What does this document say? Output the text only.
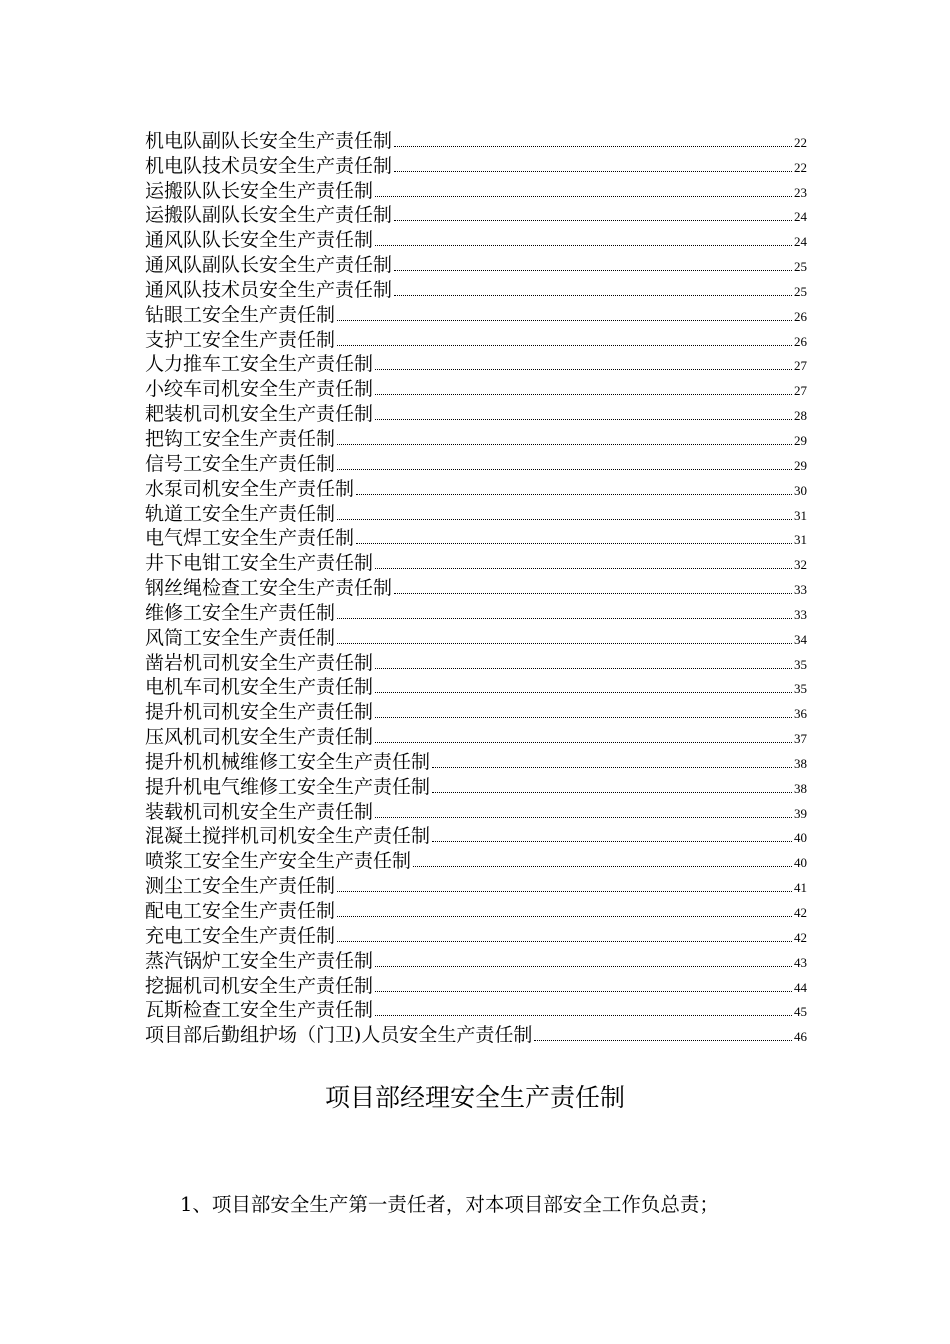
机电队副队长安全生产责任制	22
机电队技术员安全生产责任制	22
运搬队队长安全生产责任制	23
运搬队副队长安全生产责任制	24
通风队队长安全生产责任制	24
通风队副队长安全生产责任制	25
通风队技术员安全生产责任制	25
钻眼工安全生产责任制	26
支护工安全生产责任制	26
人力推车工安全生产责任制	27
小绞车司机安全生产责任制	27
耙装机司机安全生产责任制	28
把钩工安全生产责任制	29
信号工安全生产责任制	29
水泵司机安全生产责任制	30
轨道工安全生产责任制	31
电气焊工安全生产责任制	31
井下电钳工安全生产责任制	32
钢丝绳检查工安全生产责任制	33
维修工安全生产责任制	33
风筒工安全生产责任制	34
凿岩机司机安全生产责任制	35
电机车司机安全生产责任制	35
提升机司机安全生产责任制	36
压风机司机安全生产责任制	37
提升机机械维修工安全生产责任制	38
提升机电气维修工安全生产责任制	38
装载机司机安全生产责任制	39
混凝土搅拌机司机安全生产责任制	40
喷浆工安全生产安全生产责任制	40
测尘工安全生产责任制	41
配电工安全生产责任制	42
充电工安全生产责任制	42
蒸汽锅炉工安全生产责任制	43
挖掘机司机安全生产责任制	44
瓦斯检查工安全生产责任制	45
项目部后勤组护场（门卫)人员安全生产责任制	46
项目部经理安全生产责任制

1、项目部安全生产第一责任者，对本项目部安全工作负总责；
